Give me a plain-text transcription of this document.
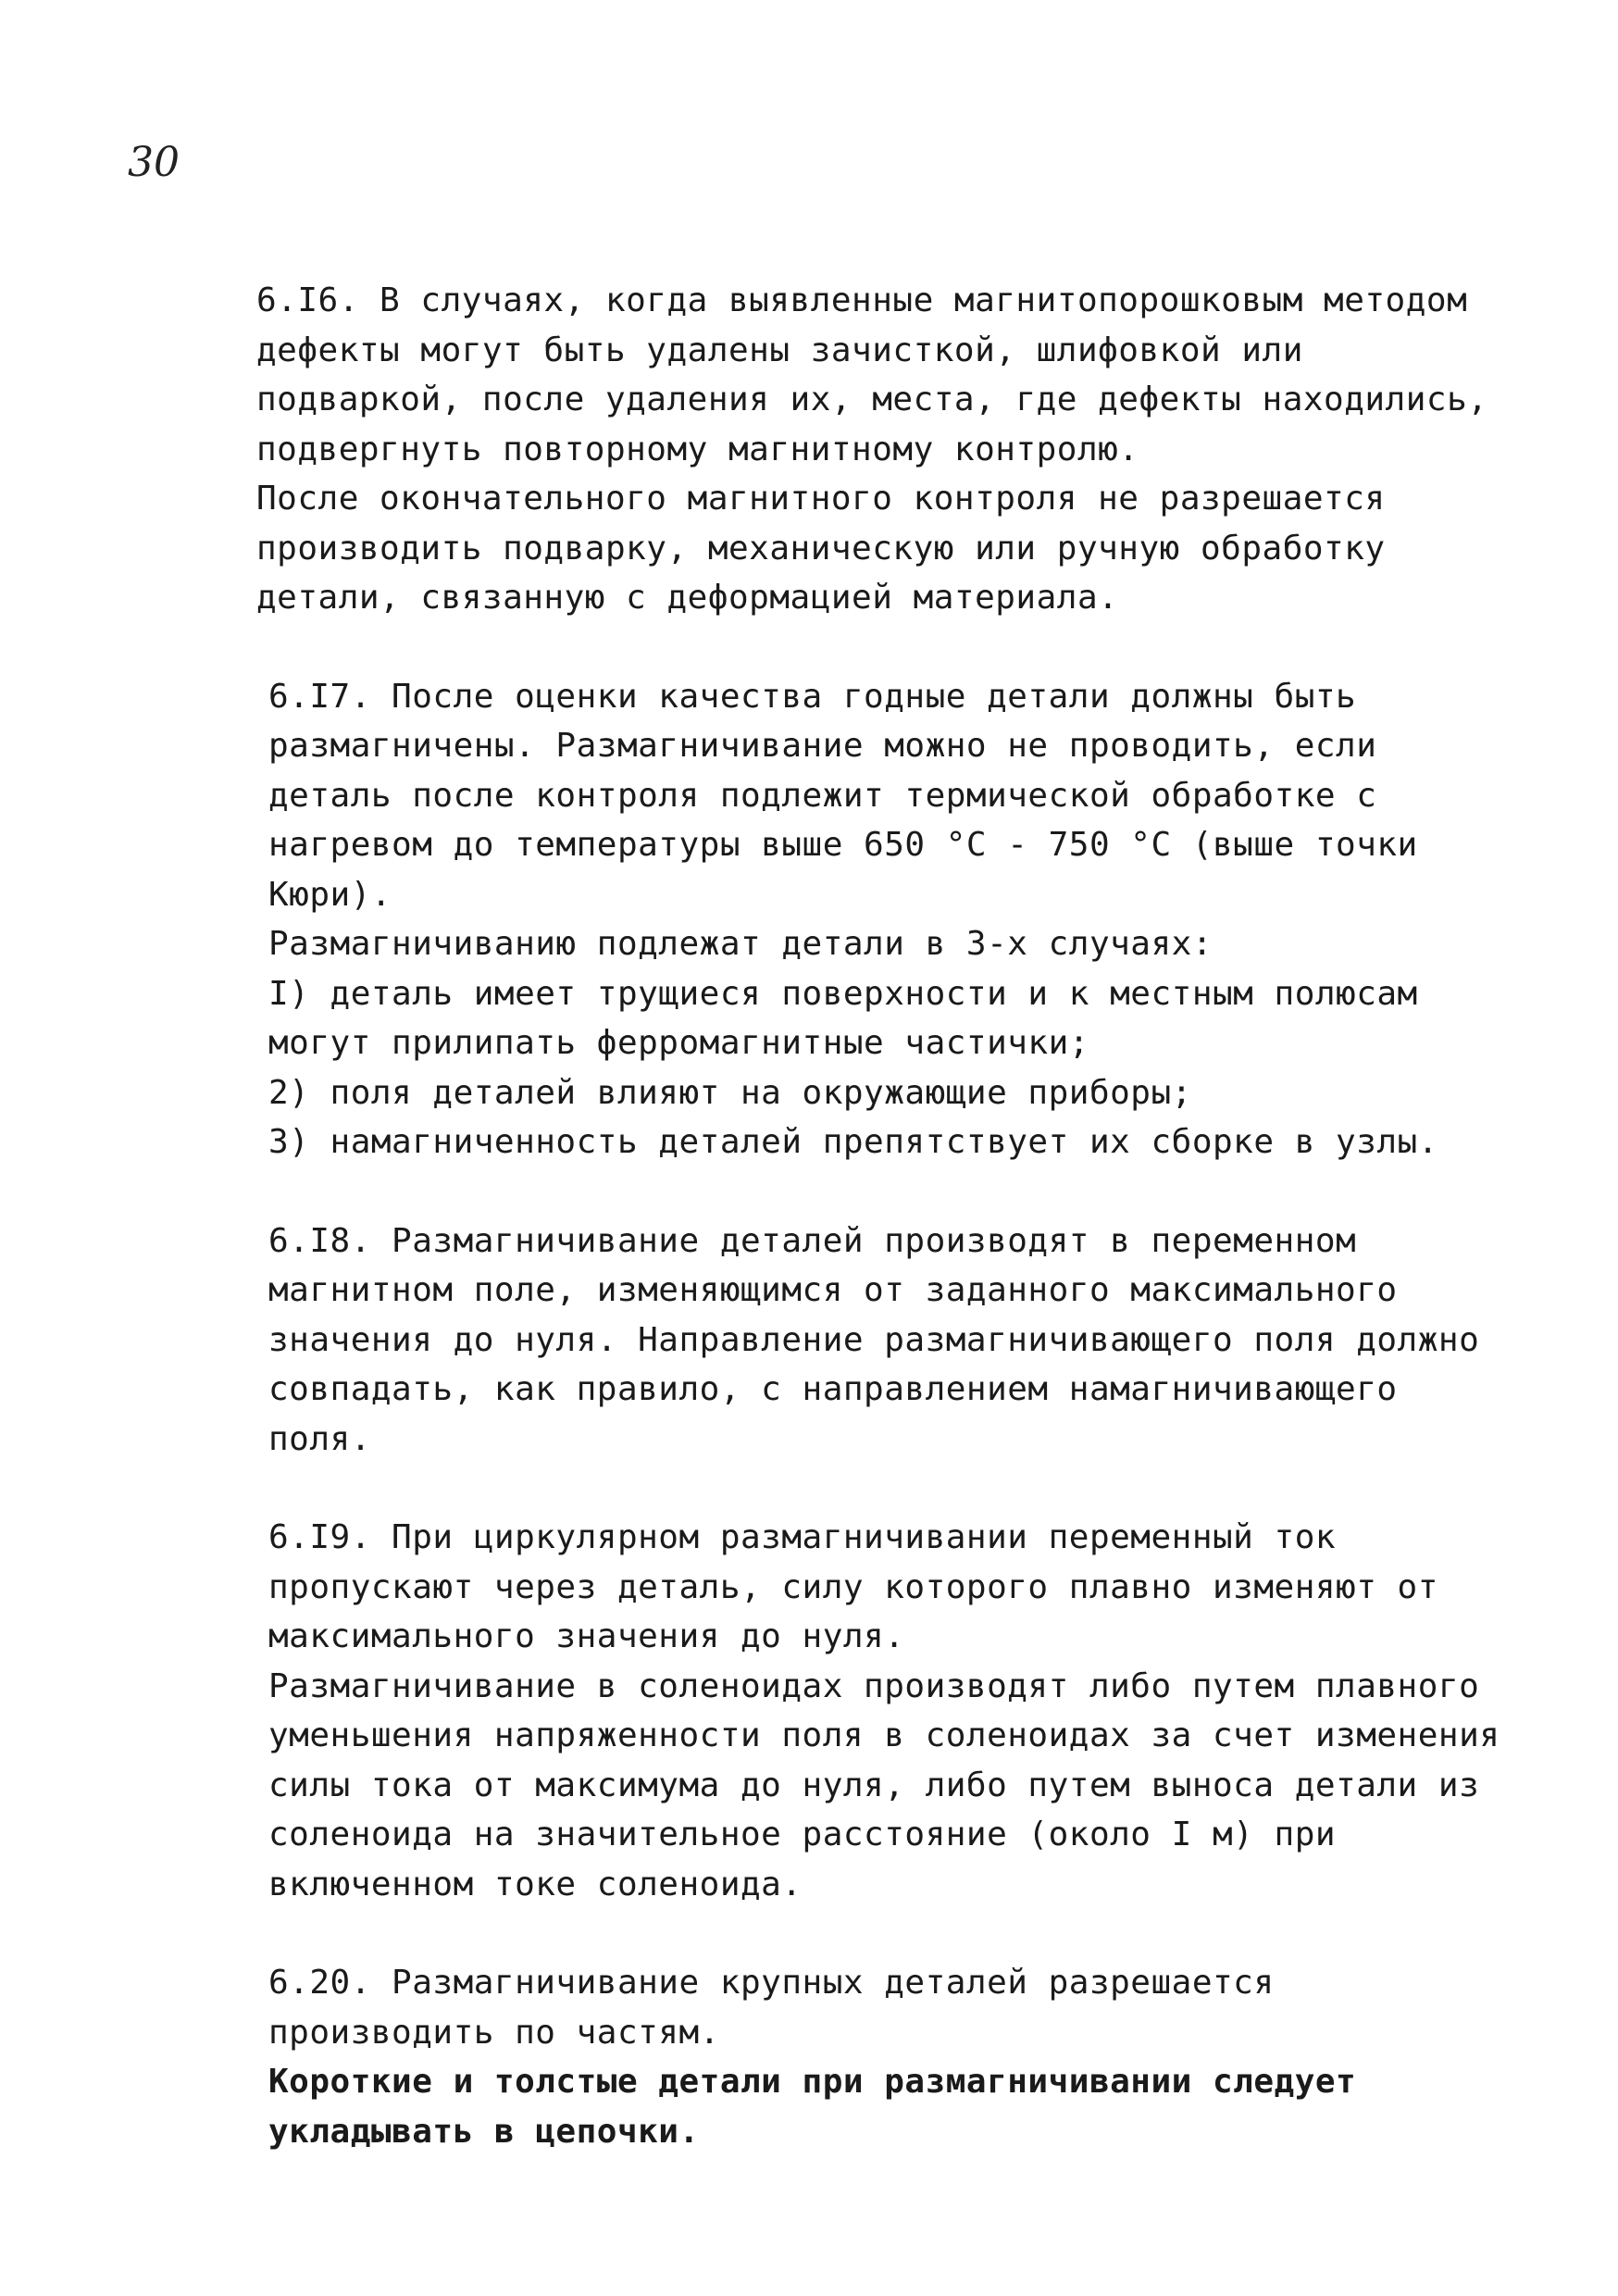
30
6.I6. В случаях, когда выявленные магнитопорошковым методом дефекты могут быть удалены зачисткой, шлифовкой или подваркой, после удаления их, места, где дефекты находились, подвергнуть повторному магнитному контролю.
После окончательного магнитного контроля не разрешается производить подварку, механическую или ручную обработку детали, связанную с деформацией материала.
6.I7. После оценки качества годные детали должны быть размагничены. Размагничивание можно не проводить, если деталь после контроля подлежит термической обработке с нагревом до температуры выше 650 °С - 750 °С (выше точки Кюри).
Размагничиванию подлежат детали в 3-х случаях:
I) деталь имеет трущиеся поверхности и к местным полюсам могут прилипать ферромагнитные частички;
2) поля деталей влияют на окружающие приборы;
3) намагниченность деталей препятствует их сборке в узлы.
6.I8. Размагничивание деталей производят в переменном магнитном поле, изменяющимся от заданного максимального значения до нуля. Направление размагничивающего поля должно совпадать, как правило, с направлением намагничивающего поля.
6.I9. При циркулярном размагничивании переменный ток пропускают через деталь, силу которого плавно изменяют от максимального значения до нуля.
Размагничивание в соленоидах производят либо путем плавного уменьшения напряженности поля в соленоидах за счет изменения силы тока от максимума до нуля, либо путем выноса детали из соленоида на значительное расстояние (около I м) при включенном токе соленоида.
6.20. Размагничивание крупных деталей разрешается производить по частям.
Короткие и толстые детали при размагничивании следует укладывать в цепочки.
